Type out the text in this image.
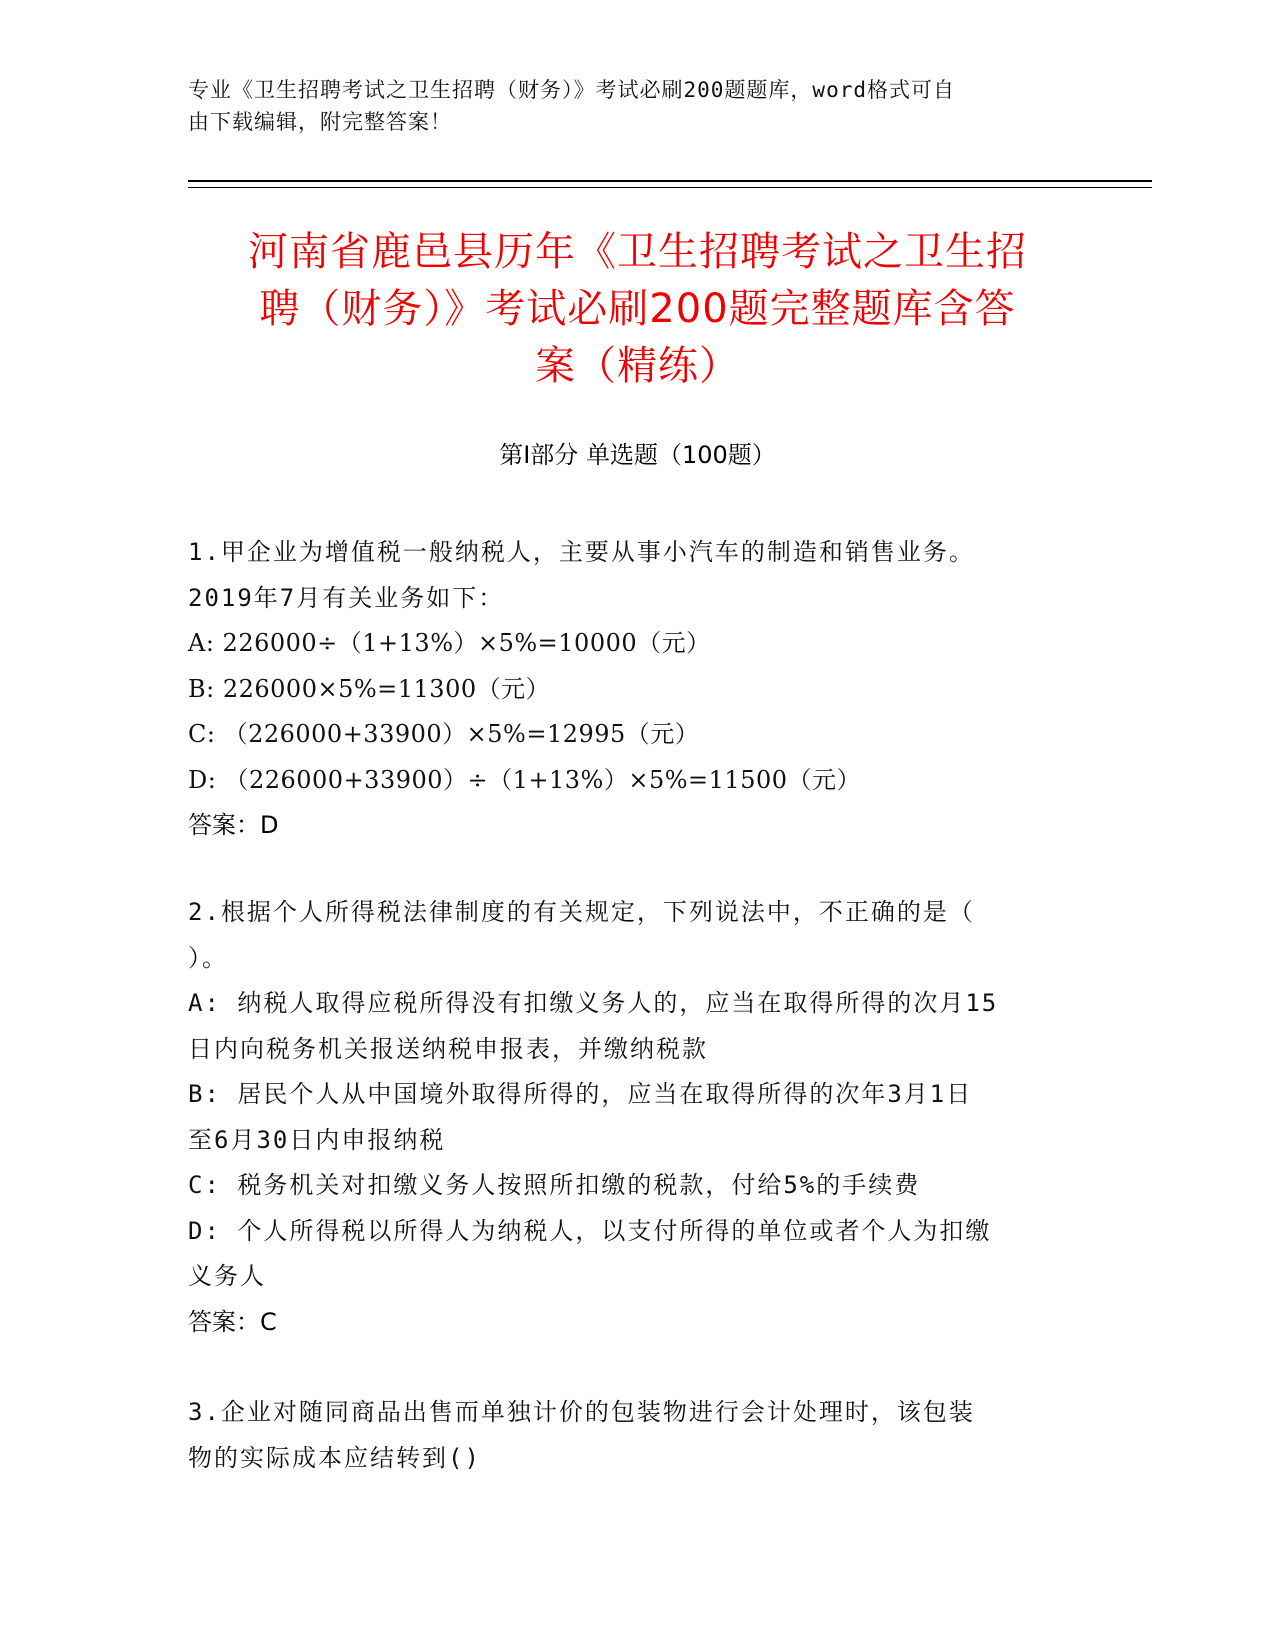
专业《卫生招聘考试之卫生招聘（财务）》考试必刷200题题库，word格式可自
由下载编辑，附完整答案！
河南省鹿邑县历年《卫生招聘考试之卫生招
聘（财务）》考试必刷200题完整题库含答
案（精练）
第Ⅰ部分 单选题（100题）

1.甲企业为增值税一般纳税人，主要从事小汽车的制造和销售业务。

2019年7月有关业务如下：

A: 226000÷（1+13%）×5%=10000（元）

B: 226000×5%=11300（元）

C: （226000+33900）×5%=12995（元）

D: （226000+33900）÷（1+13%）×5%=11500（元）

答案：D

2.根据个人所得税法律制度的有关规定，下列说法中，不正确的是（

）。

A: 纳税人取得应税所得没有扣缴义务人的，应当在取得所得的次月15

日内向税务机关报送纳税申报表，并缴纳税款

B: 居民个人从中国境外取得所得的，应当在取得所得的次年3月1日

至6月30日内申报纳税

C: 税务机关对扣缴义务人按照所扣缴的税款，付给5%的手续费

D: 个人所得税以所得人为纳税人，以支付所得的单位或者个人为扣缴

义务人

答案：C

3.企业对随同商品出售而单独计价的包装物进行会计处理时，该包装

物的实际成本应结转到()
